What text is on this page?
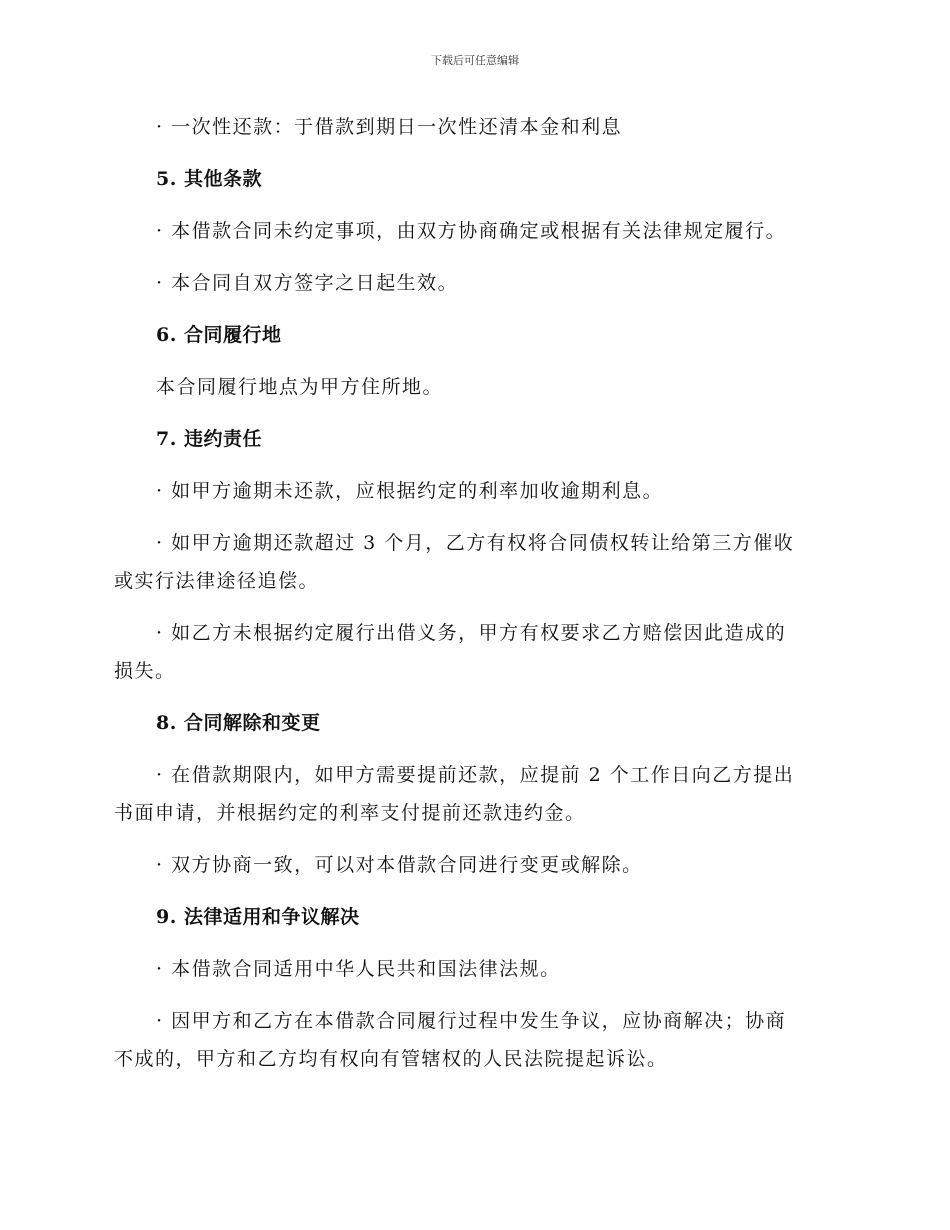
下载后可任意编辑
· 一次性还款：于借款到期日一次性还清本金和利息
5. 其他条款
· 本借款合同未约定事项，由双方协商确定或根据有关法律规定履行。
· 本合同自双方签字之日起生效。
6. 合同履行地
本合同履行地点为甲方住所地。
7. 违约责任
· 如甲方逾期未还款，应根据约定的利率加收逾期利息。
· 如甲方逾期还款超过 3 个月，乙方有权将合同债权转让给第三方催收
或实行法律途径追偿。
· 如乙方未根据约定履行出借义务，甲方有权要求乙方赔偿因此造成的
损失。
8. 合同解除和变更
· 在借款期限内，如甲方需要提前还款，应提前 2 个工作日向乙方提出
书面申请，并根据约定的利率支付提前还款违约金。
· 双方协商一致，可以对本借款合同进行变更或解除。
9. 法律适用和争议解决
· 本借款合同适用中华人民共和国法律法规。
· 因甲方和乙方在本借款合同履行过程中发生争议，应协商解决；协商
不成的，甲方和乙方均有权向有管辖权的人民法院提起诉讼。
